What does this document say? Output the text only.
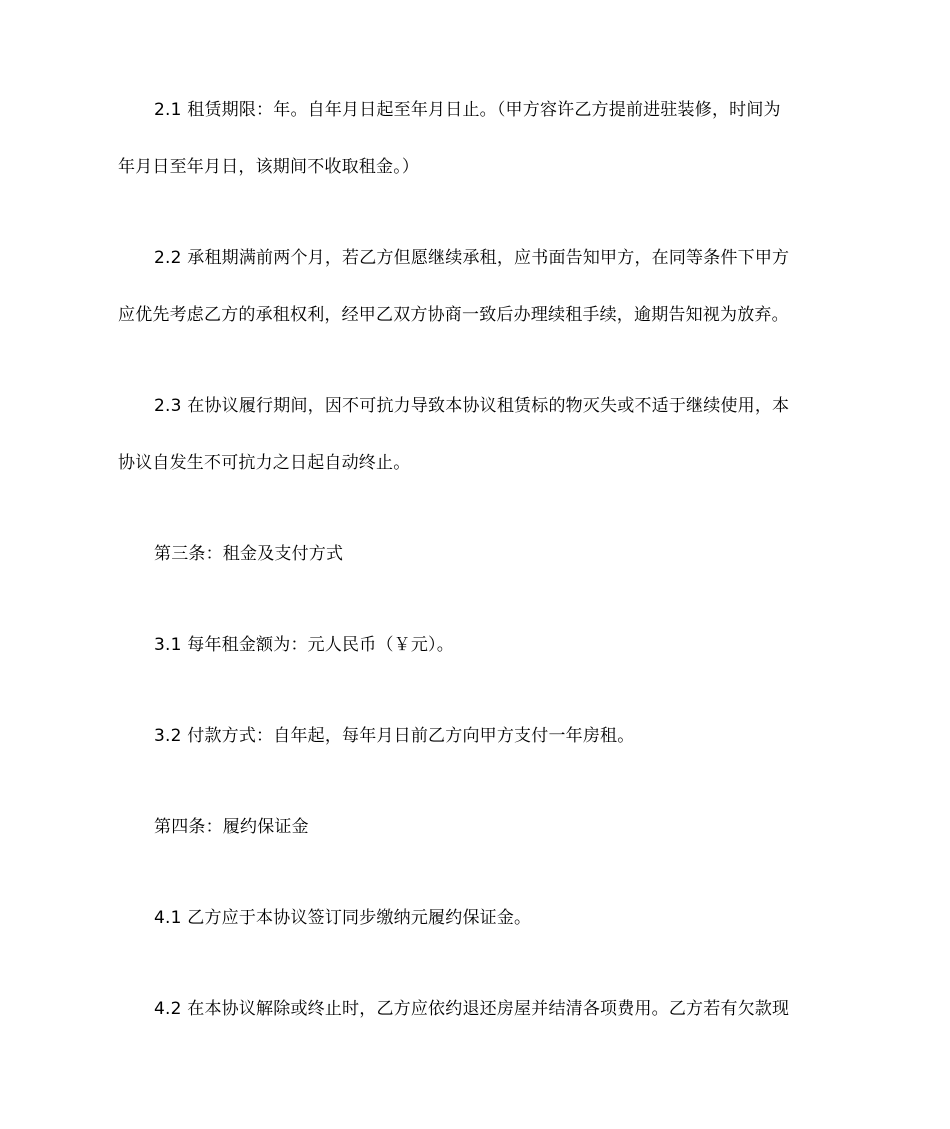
2.1 租赁期限：年。自年月日起至年月日止。（甲方容许乙方提前进驻装修，时间为
年月日至年月日，该期间不收取租金。）
2.2 承租期满前两个月，若乙方但愿继续承租，应书面告知甲方，在同等条件下甲方
应优先考虑乙方的承租权利，经甲乙双方协商一致后办理续租手续，逾期告知视为放弃。
2.3 在协议履行期间，因不可抗力导致本协议租赁标的物灭失或不适于继续使用，本
协议自发生不可抗力之日起自动终止。
第三条：租金及支付方式
3.1 每年租金额为：元人民币（￥元）。
3.2 付款方式：自年起，每年月日前乙方向甲方支付一年房租。
第四条：履约保证金
4.1 乙方应于本协议签订同步缴纳元履约保证金。
4.2 在本协议解除或终止时，乙方应依约退还房屋并结清各项费用。乙方若有欠款现
